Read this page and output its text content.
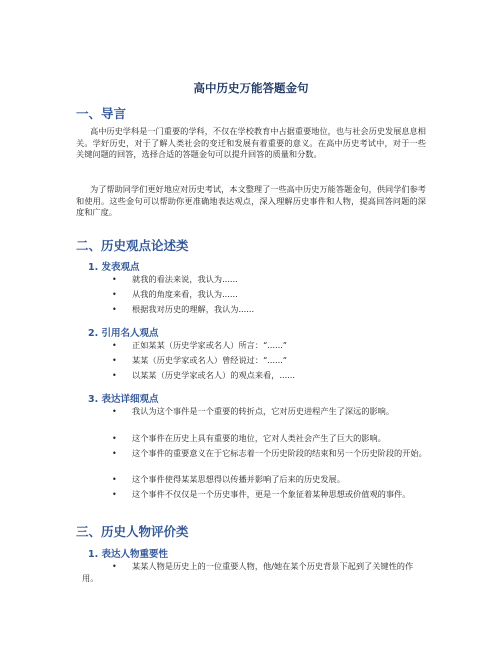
高中历史万能答题金句
一、导言
高中历史学科是一门重要的学科，不仅在学校教育中占据重要地位，也与社会历史发展息息相关。学好历史，对于了解人类社会的变迁和发展有着重要的意义。在高中历史考试中，对于一些关键问题的回答，选择合适的答题金句可以提升回答的质量和分数。
为了帮助同学们更好地应对历史考试，本文整理了一些高中历史万能答题金句，供同学们参考和使用。这些金句可以帮助你更准确地表达观点，深入理解历史事件和人物，提高回答问题的深度和广度。
二、历史观点论述类
1. 发表观点
•	就我的看法来说，我认为......
•	从我的角度来看，我认为......
•	根据我对历史的理解，我认为......
2. 引用名人观点
•	正如某某（历史学家或名人）所言：“......”
•	某某（历史学家或名人）曾经说过：“......”
•	以某某（历史学家或名人）的观点来看，......
3. 表达详细观点
•	我认为这个事件是一个重要的转折点，它对历史进程产生了深远的影响。
•	这个事件在历史上具有重要的地位，它对人类社会产生了巨大的影响。
•	这个事件的重要意义在于它标志着一个历史阶段的结束和另一个历史阶段的开始。
•	这个事件使得某某思想得以传播并影响了后来的历史发展。
•	这个事件不仅仅是一个历史事件，更是一个象征着某种思想或价值观的事件。
三、历史人物评价类
1. 表达人物重要性
•	某某人物是历史上的一位重要人物，他/她在某个历史背景下起到了关键性的作用。
